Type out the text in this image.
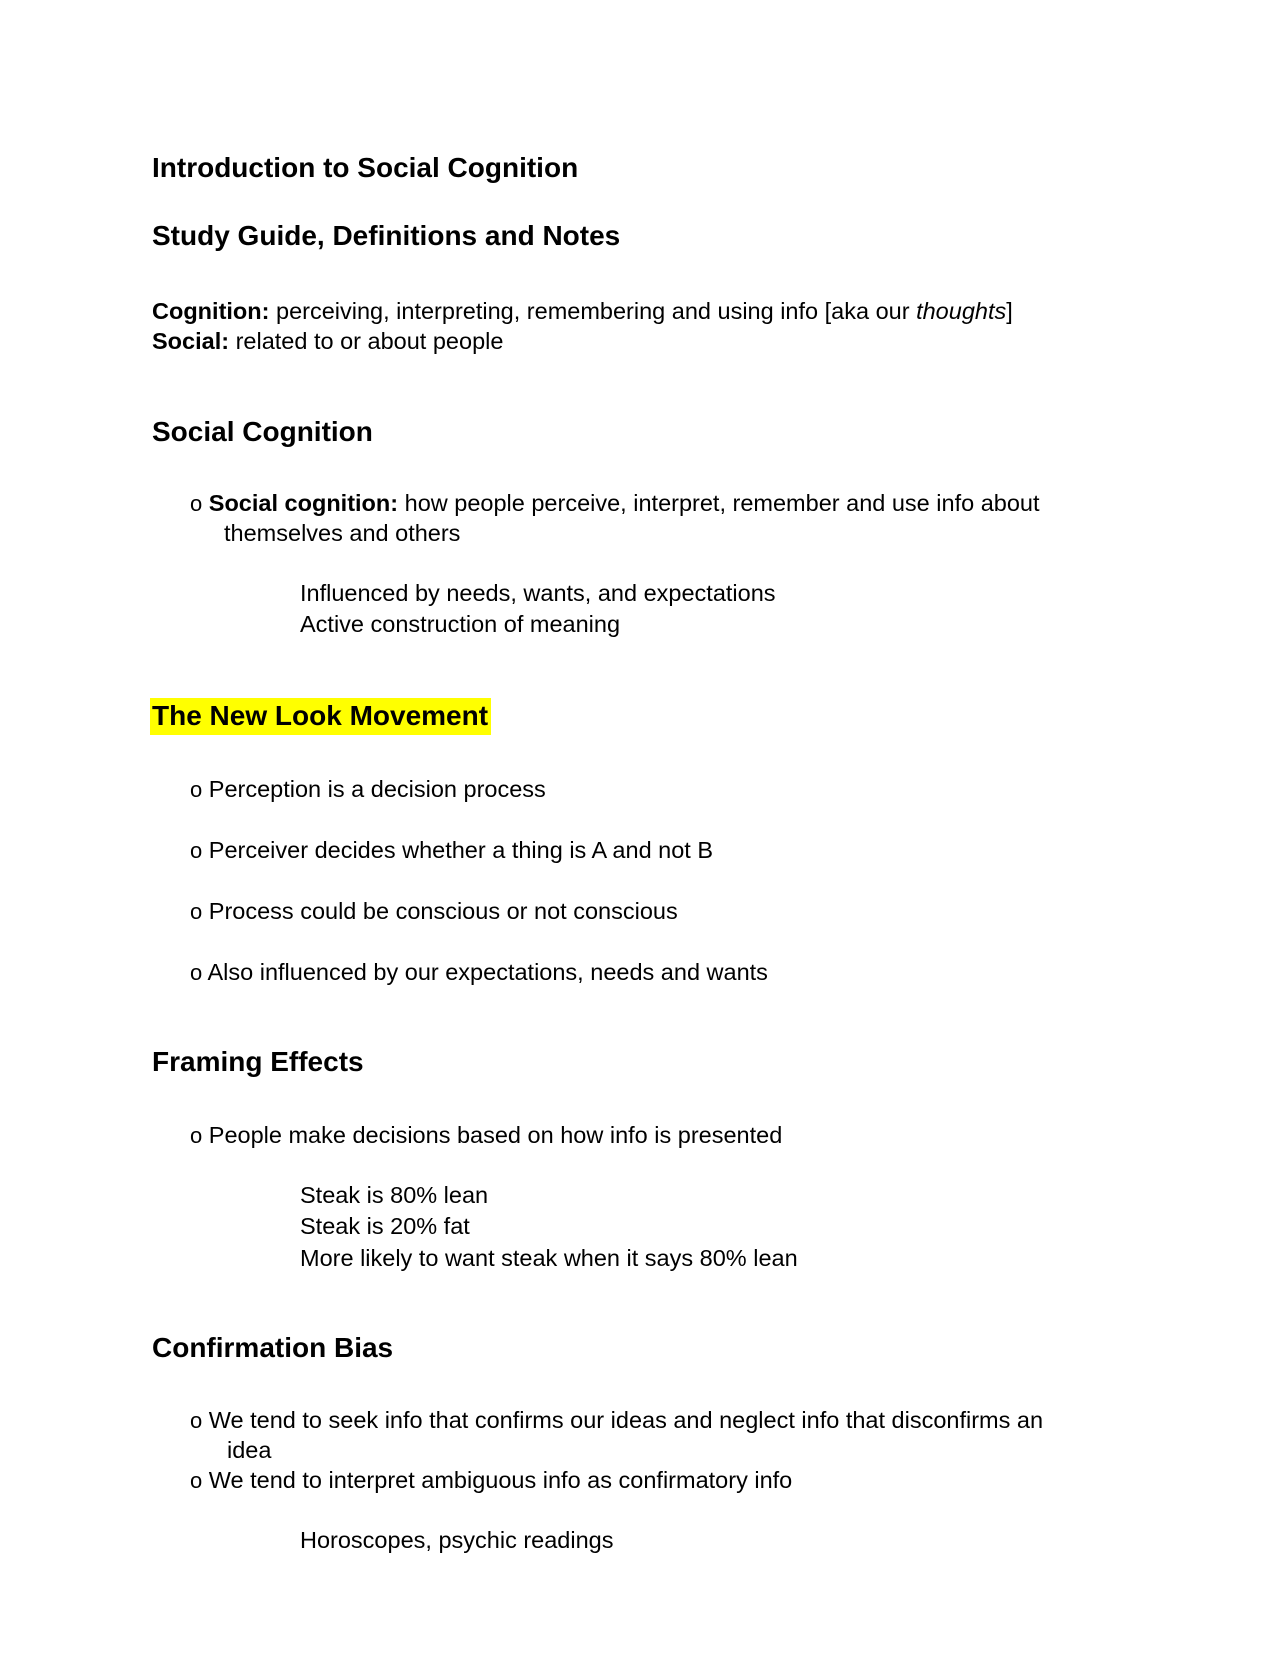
Introduction to Social Cognition
Study Guide, Definitions and Notes
Cognition: perceiving, interpreting, remembering and using info [aka our thoughts]
Social: related to or about people
Social Cognition
o Social cognition: how people perceive, interpret, remember and use info about
themselves and others
Influenced by needs, wants, and expectations
Active construction of meaning
The New Look Movement
o Perception is a decision process
o Perceiver decides whether a thing is A and not B
o Process could be conscious or not conscious
o Also influenced by our expectations, needs and wants
Framing Effects
o People make decisions based on how info is presented
Steak is 80% lean
Steak is 20% fat
More likely to want steak when it says 80% lean
Confirmation Bias
o We tend to seek info that confirms our ideas and neglect info that disconfirms an
idea
o We tend to interpret ambiguous info as confirmatory info
Horoscopes, psychic readings
